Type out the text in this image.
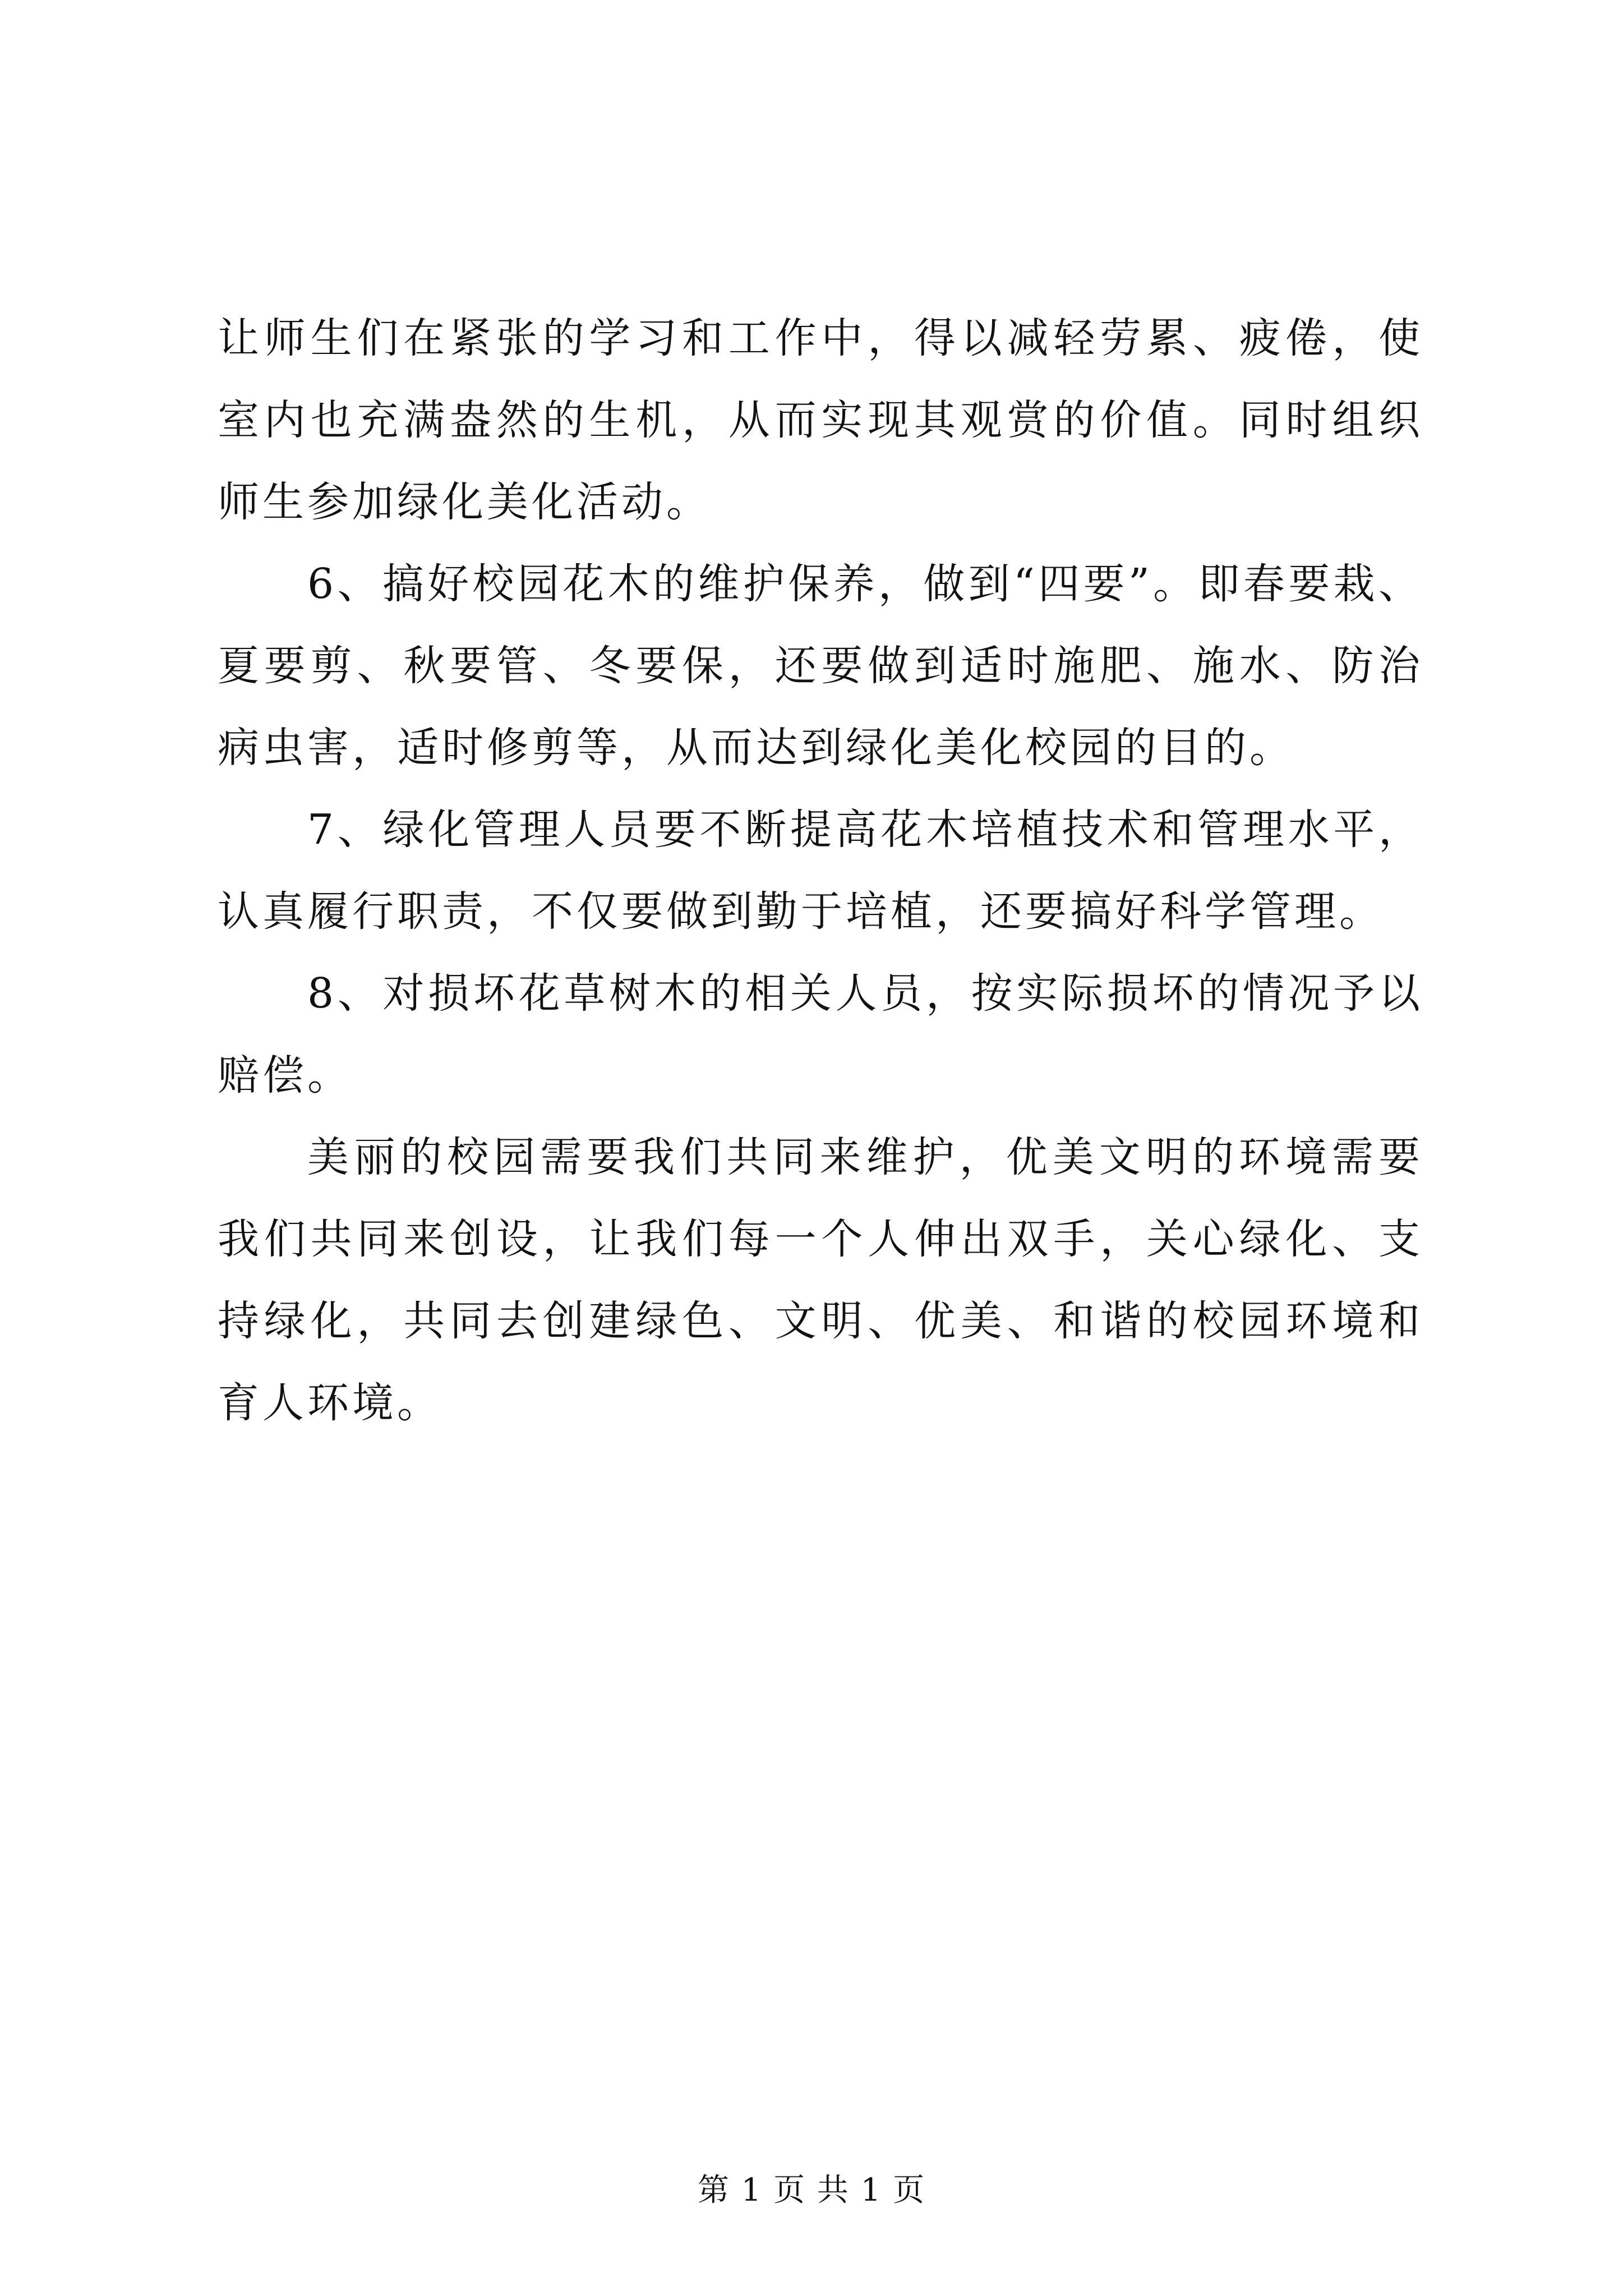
让师生们在紧张的学习和工作中，得以减轻劳累、疲倦，使室内也充满盎然的生机，从而实现其观赏的价值。同时组织师生参加绿化美化活动。

6、搞好校园花木的维护保养，做到“四要”。即春要栽、夏要剪、秋要管、冬要保，还要做到适时施肥、施水、防治病虫害，适时修剪等，从而达到绿化美化校园的目的。

7、绿化管理人员要不断提高花木培植技术和管理水平，认真履行职责，不仅要做到勤于培植，还要搞好科学管理。

8、对损坏花草树木的相关人员，按实际损坏的情况予以赔偿。

美丽的校园需要我们共同来维护，优美文明的环境需要我们共同来创设，让我们每一个人伸出双手，关心绿化、支持绿化，共同去创建绿色、文明、优美、和谐的校园环境和育人环境。

第 1 页 共 1 页
